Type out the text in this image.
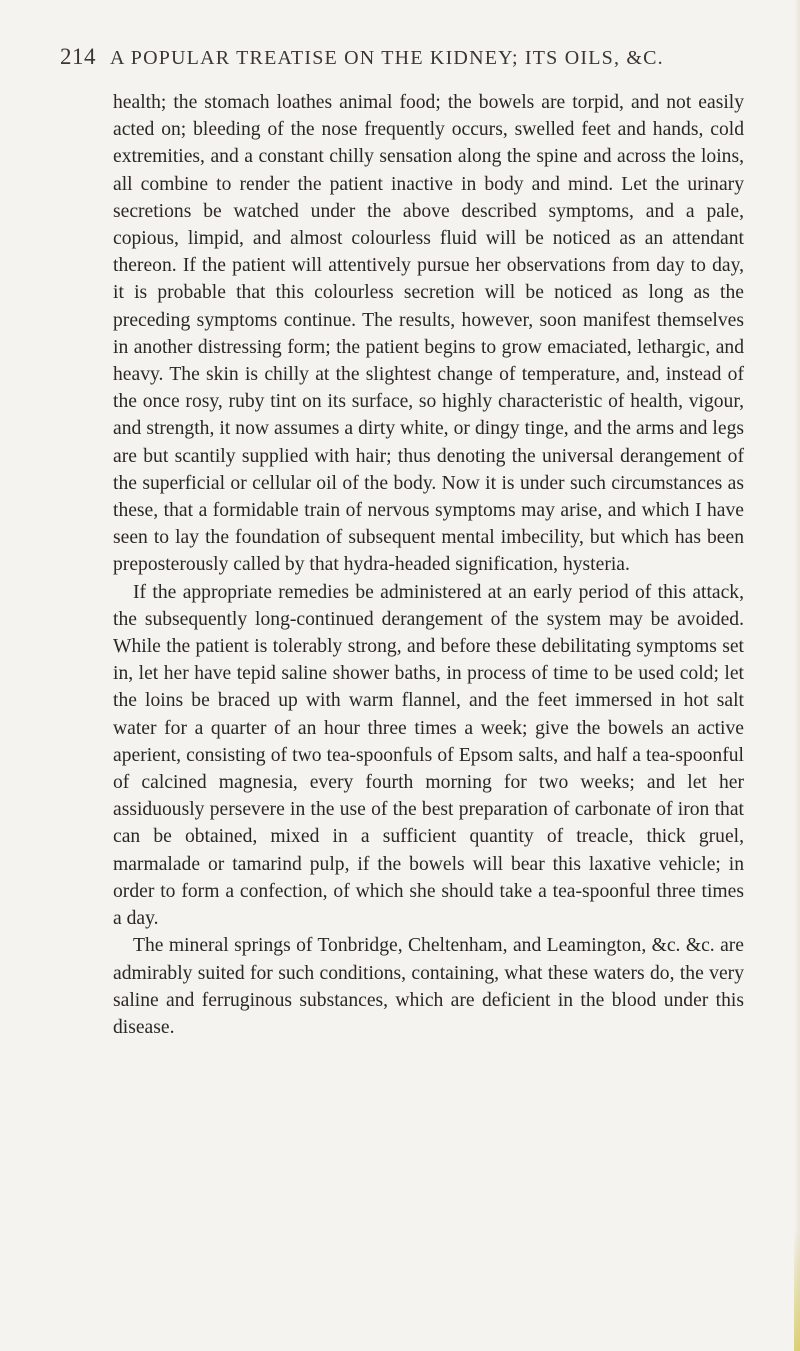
214 A POPULAR TREATISE ON THE KIDNEY; ITS OILS, &C.

health; the stomach loathes animal food; the bowels are torpid, and not easily acted on; bleeding of the nose frequently occurs, swelled feet and hands, cold extremities, and a constant chilly sensation along the spine and across the loins, all combine to render the patient inactive in body and mind. Let the urinary secretions be watched under the above described symptoms, and a pale, copious, limpid, and almost colourless fluid will be noticed as an attendant thereon. If the patient will attentively pursue her observations from day to day, it is probable that this colourless secretion will be noticed as long as the preceding symptoms continue. The results, however, soon manifest themselves in another distressing form; the patient begins to grow emaciated, lethargic, and heavy. The skin is chilly at the slightest change of temperature, and, instead of the once rosy, ruby tint on its surface, so highly characteristic of health, vigour, and strength, it now assumes a dirty white, or dingy tinge, and the arms and legs are but scantily supplied with hair; thus denoting the universal derangement of the superficial or cellular oil of the body. Now it is under such circumstances as these, that a formidable train of nervous symptoms may arise, and which I have seen to lay the foundation of subsequent mental imbecility, but which has been preposterously called by that hydra-headed signification, hysteria.

If the appropriate remedies be administered at an early period of this attack, the subsequently long-continued derangement of the system may be avoided. While the patient is tolerably strong, and before these debilitating symptoms set in, let her have tepid saline shower baths, in process of time to be used cold; let the loins be braced up with warm flannel, and the feet immersed in hot salt water for a quarter of an hour three times a week; give the bowels an active aperient, consisting of two tea-spoonfuls of Epsom salts, and half a tea-spoonful of calcined magnesia, every fourth morning for two weeks; and let her assiduously persevere in the use of the best preparation of carbonate of iron that can be obtained, mixed in a sufficient quantity of treacle, thick gruel, marmalade or tamarind pulp, if the bowels will bear this laxative vehicle; in order to form a confection, of which she should take a tea-spoonful three times a day.

The mineral springs of Tonbridge, Cheltenham, and Leamington, &c. &c. are admirably suited for such conditions, containing, what these waters do, the very saline and ferruginous substances, which are deficient in the blood under this disease.
